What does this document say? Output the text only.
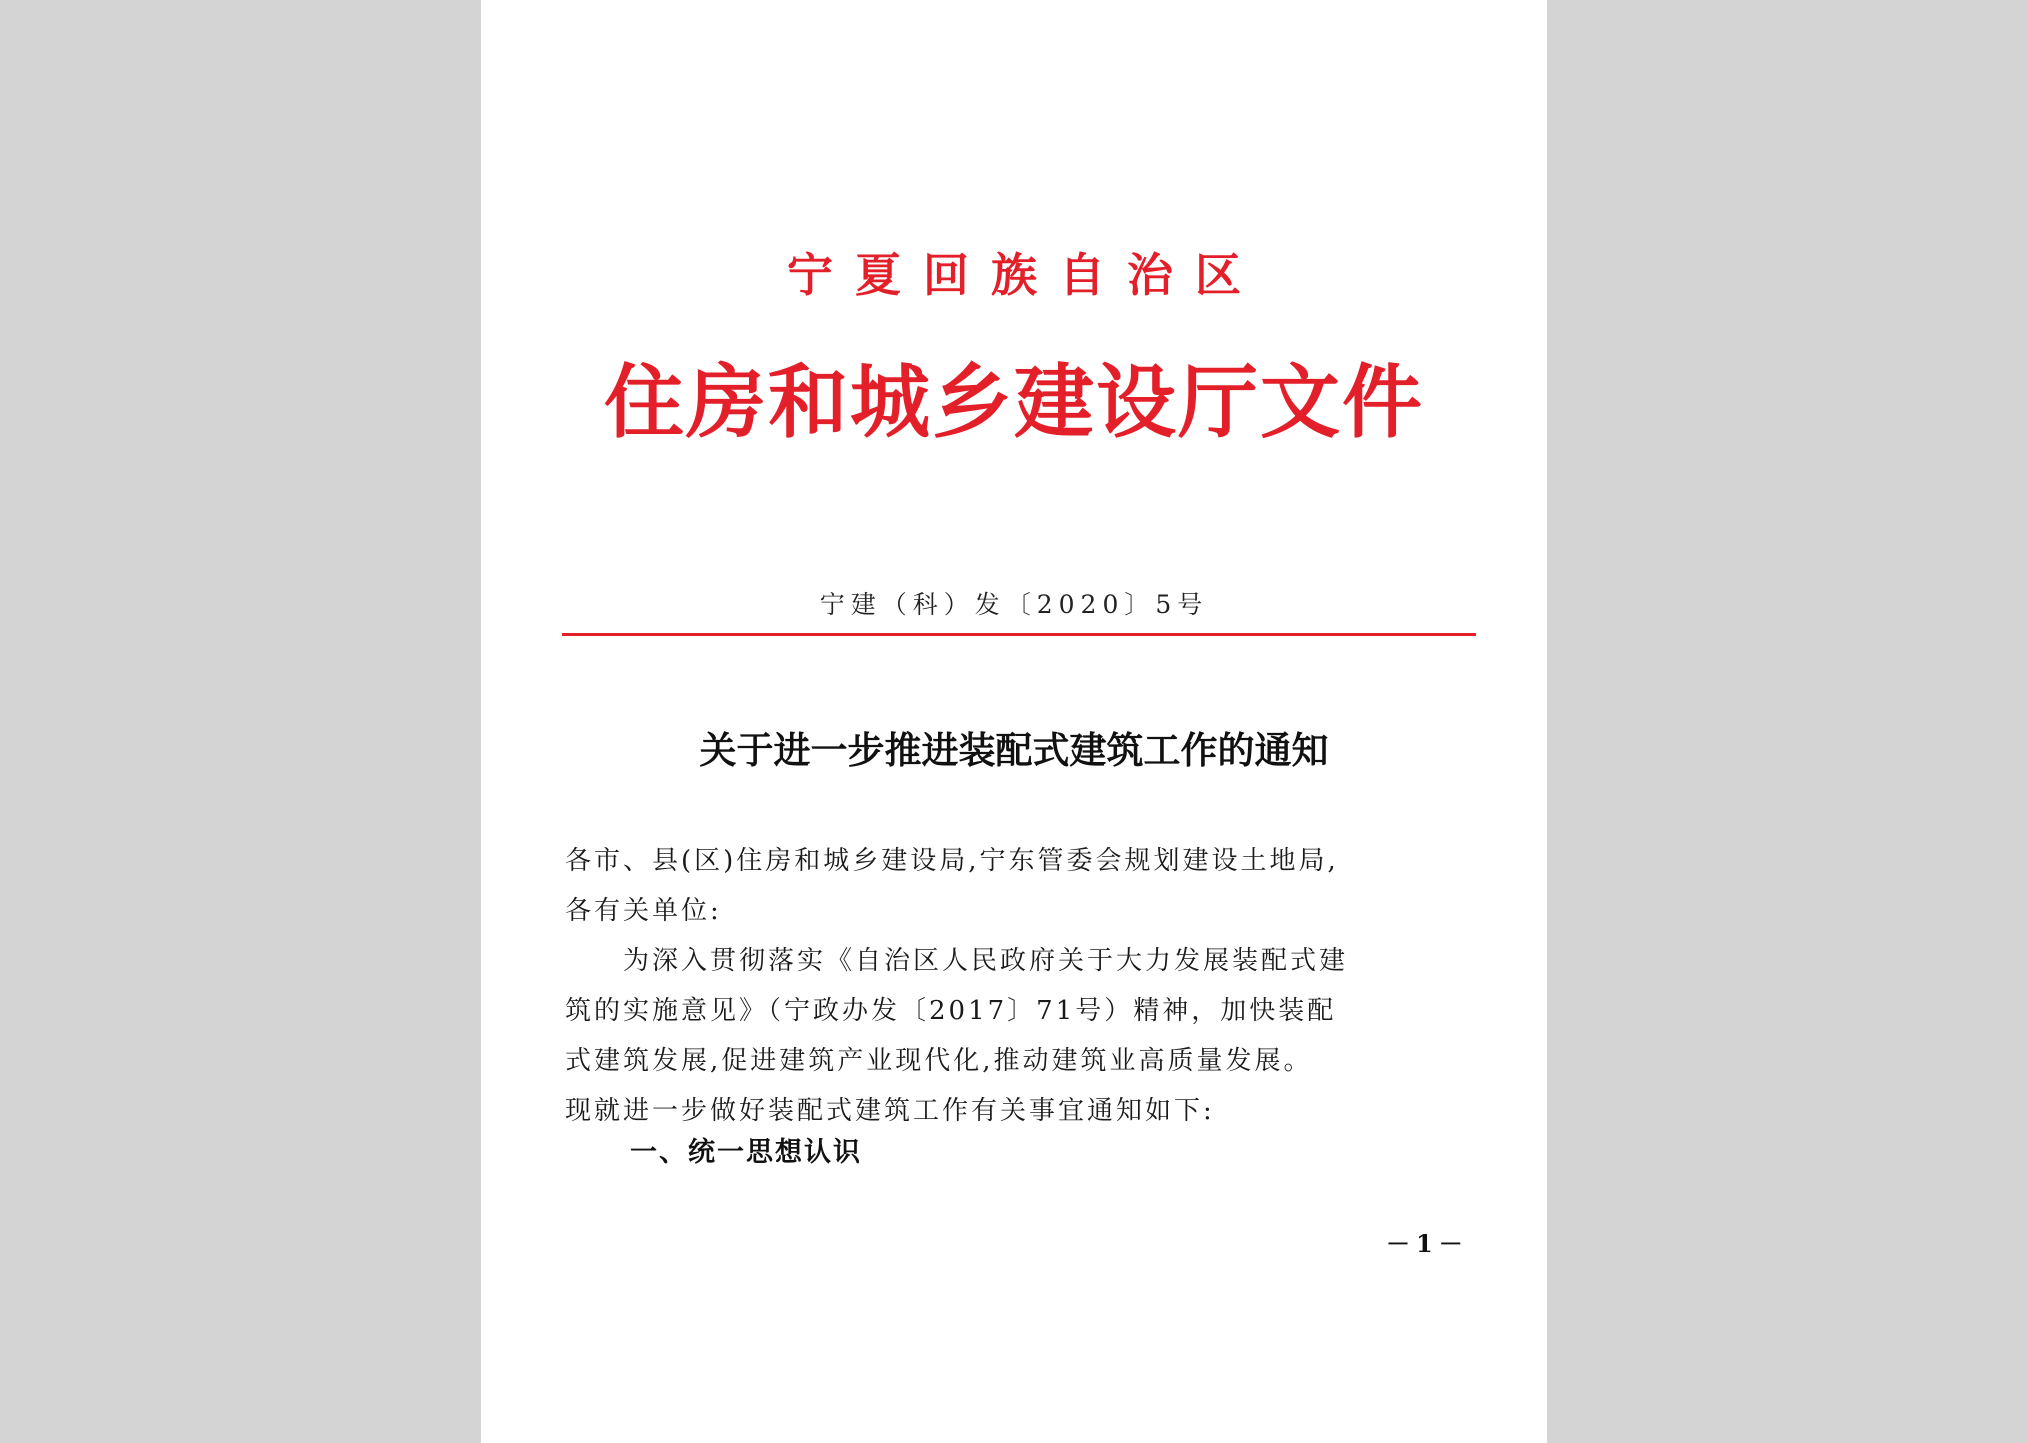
宁夏回族自治区
住房和城乡建设厅文件
宁建（科）发〔2020〕5号
关于进一步推进装配式建筑工作的通知
各市、县(区)住房和城乡建设局,宁东管委会规划建设土地局,
各有关单位:
　　为深入贯彻落实《自治区人民政府关于大力发展装配式建
筑的实施意见》（宁政办发〔2017〕71号）精神，加快装配
式建筑发展,促进建筑产业现代化,推动建筑业高质量发展。
现就进一步做好装配式建筑工作有关事宜通知如下:
一、统一思想认识
－1－
